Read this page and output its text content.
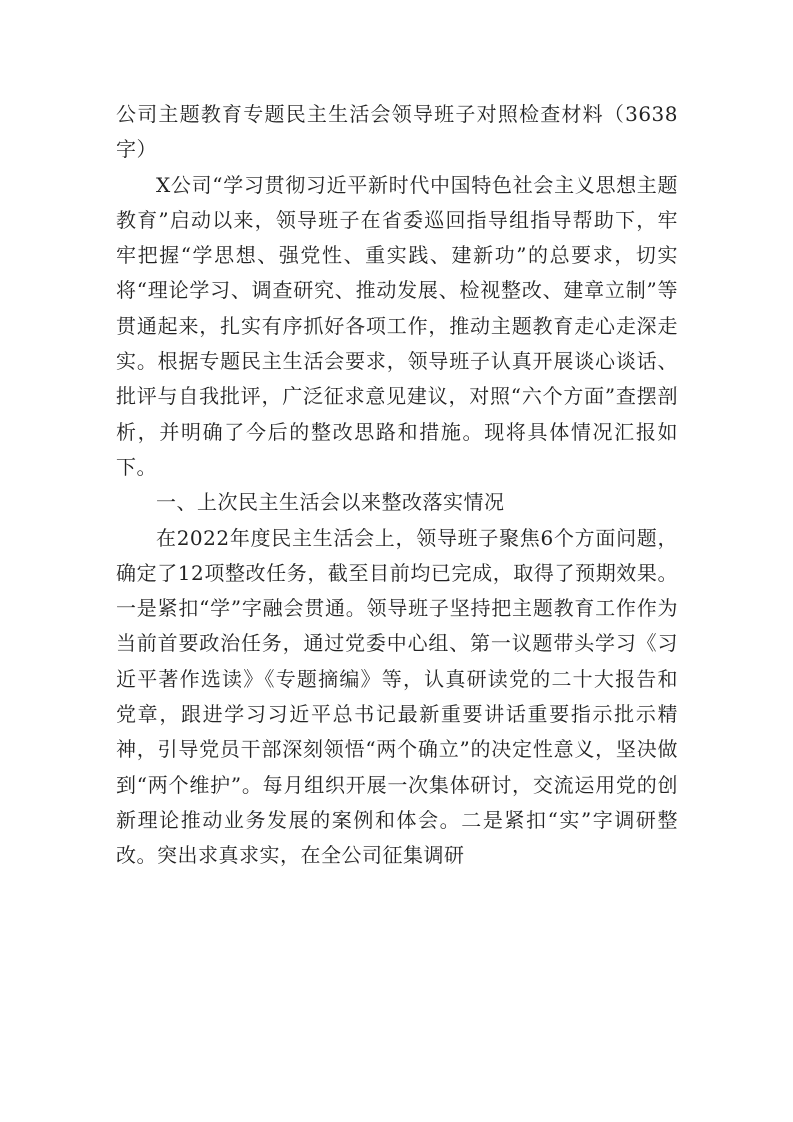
公司主题教育专题民主生活会领导班子对照检查材料（3638字）

X公司“学习贯彻习近平新时代中国特色社会主义思想主题教育”启动以来，领导班子在省委巡回指导组指导帮助下，牢牢把握“学思想、强党性、重实践、建新功”的总要求，切实将“理论学习、调查研究、推动发展、检视整改、建章立制”等贯通起来，扎实有序抓好各项工作，推动主题教育走心走深走实。根据专题民主生活会要求，领导班子认真开展谈心谈话、批评与自我批评，广泛征求意见建议，对照“六个方面”查摆剖析，并明确了今后的整改思路和措施。现将具体情况汇报如下。

一、上次民主生活会以来整改落实情况

在2022年度民主生活会上，领导班子聚焦6个方面问题，确定了12项整改任务，截至目前均已完成，取得了预期效果。一是紧扣“学”字融会贯通。领导班子坚持把主题教育工作作为当前首要政治任务，通过党委中心组、第一议题带头学习《习近平著作选读》《专题摘编》等，认真研读党的二十大报告和党章，跟进学习习近平总书记最新重要讲话重要指示批示精神，引导党员干部深刻领悟“两个确立”的决定性意义，坚决做到“两个维护”。每月组织开展一次集体研讨，交流运用党的创新理论推动业务发展的案例和体会。二是紧扣“实”字调研整改。突出求真求实，在全公司征集调研
